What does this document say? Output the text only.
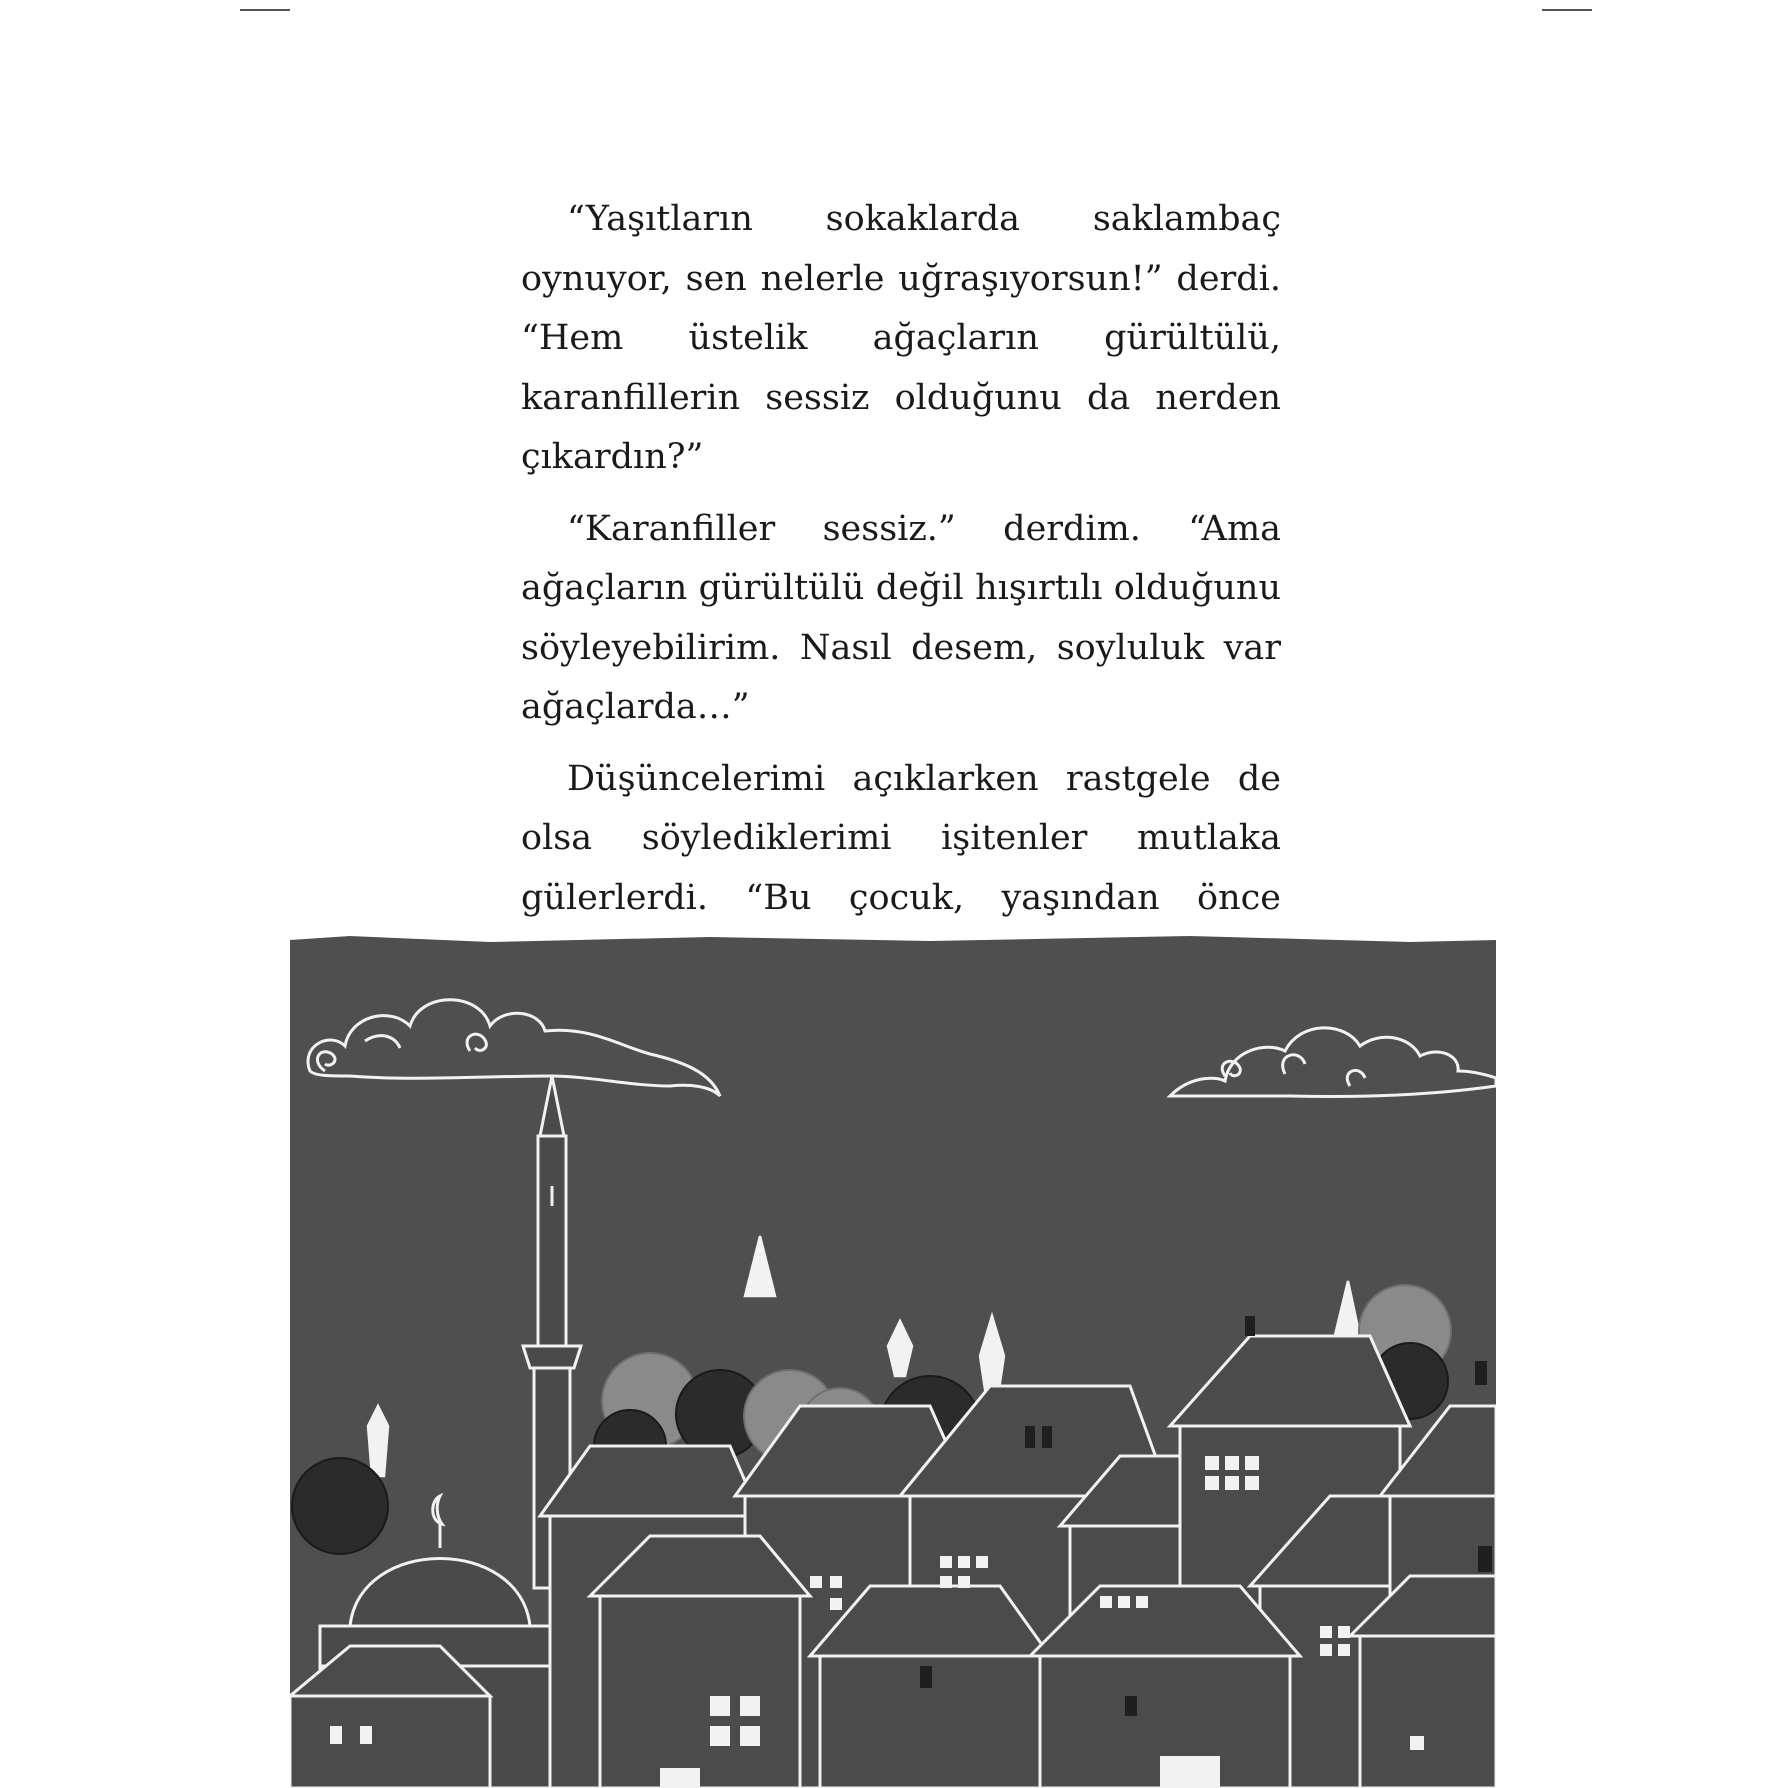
“Yaşıtların sokaklarda saklambaç oynuyor, sen nelerle uğraşıyorsun!” derdi. “Hem üstelik ağaçların gürültülü, karanfillerin sessiz olduğunu da nerden çıkardın?”

“Karanfiller sessiz.” derdim. “Ama ağaçların gürültülü değil hışırtılı olduğunu söyleyebilirim. Nasıl desem, soyluluk var ağaçlarda…”

Düşüncelerimi açıklarken rastgele de olsa söylediklerimi işitenler mutlaka gülerlerdi. “Bu çocuk, yaşından önce
